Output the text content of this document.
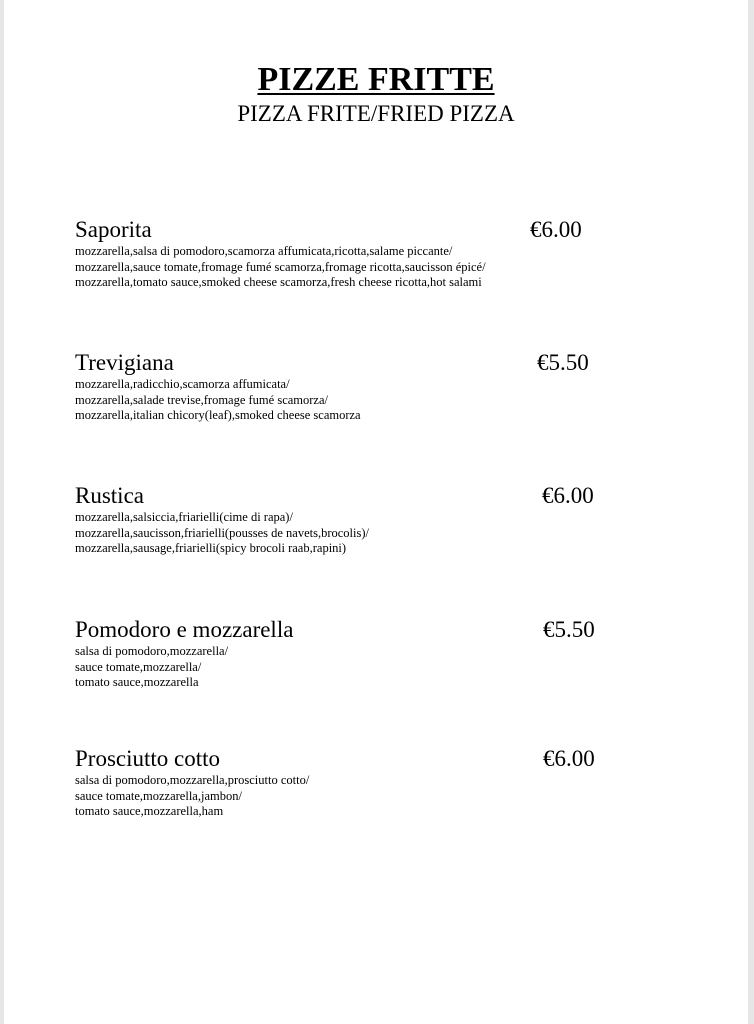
PIZZE FRITTE
PIZZA FRITE/FRIED PIZZA
Saporita	€6.00
mozzarella,salsa di pomodoro,scamorza affumicata,ricotta,salame piccante/
mozzarella,sauce tomate,fromage fumé scamorza,fromage ricotta,saucisson épicé/
mozzarella,tomato sauce,smoked cheese scamorza,fresh cheese ricotta,hot salami
Trevigiana	€5.50
mozzarella,radicchio,scamorza affumicata/
mozzarella,salade trevise,fromage fumé scamorza/
mozzarella,italian chicory(leaf),smoked cheese scamorza
Rustica	€6.00
mozzarella,salsiccia,friarielli(cime di rapa)/
mozzarella,saucisson,friarielli(pousses de navets,brocolis)/
mozzarella,sausage,friarielli(spicy brocoli raab,rapini)
Pomodoro e mozzarella	€5.50
salsa di pomodoro,mozzarella/
sauce tomate,mozzarella/
tomato sauce,mozzarella
Prosciutto cotto	€6.00
salsa di pomodoro,mozzarella,prosciutto cotto/
sauce tomate,mozzarella,jambon/
tomato sauce,mozzarella,ham
